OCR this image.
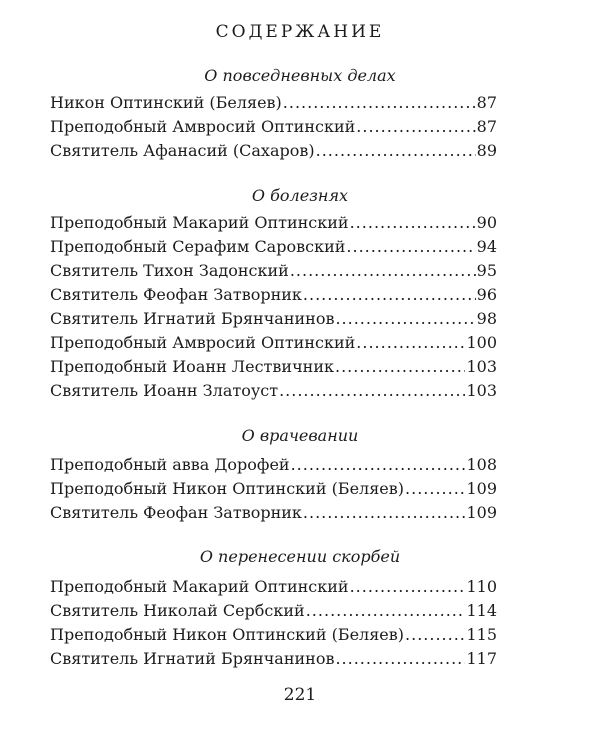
СОДЕРЖАНИЕ
О повседневных делах
Никон Оптинский (Беляев) .....	87
Преподобный Амвросий Оптинский .....	87
Святитель Афанасий (Сахаров) .....	89
О болезнях
Преподобный Макарий Оптинский .....	90
Преподобный Серафим Саровский .....	94
Святитель Тихон Задонский .....	95
Святитель Феофан Затворник .....	96
Святитель Игнатий Брянчанинов .....	98
Преподобный Амвросий Оптинский .....	100
Преподобный Иоанн Лествичник .....	103
Святитель Иоанн Златоуст .....	103
О врачевании
Преподобный авва Дорофей .....	108
Преподобный Никон Оптинский (Беляев) .....	109
Святитель Феофан Затворник .....	109
О перенесении скорбей
Преподобный Макарий Оптинский .....	110
Святитель Николай Сербский .....	114
Преподобный Никон Оптинский (Беляев) .....	115
Святитель Игнатий Брянчанинов .....	117
221
